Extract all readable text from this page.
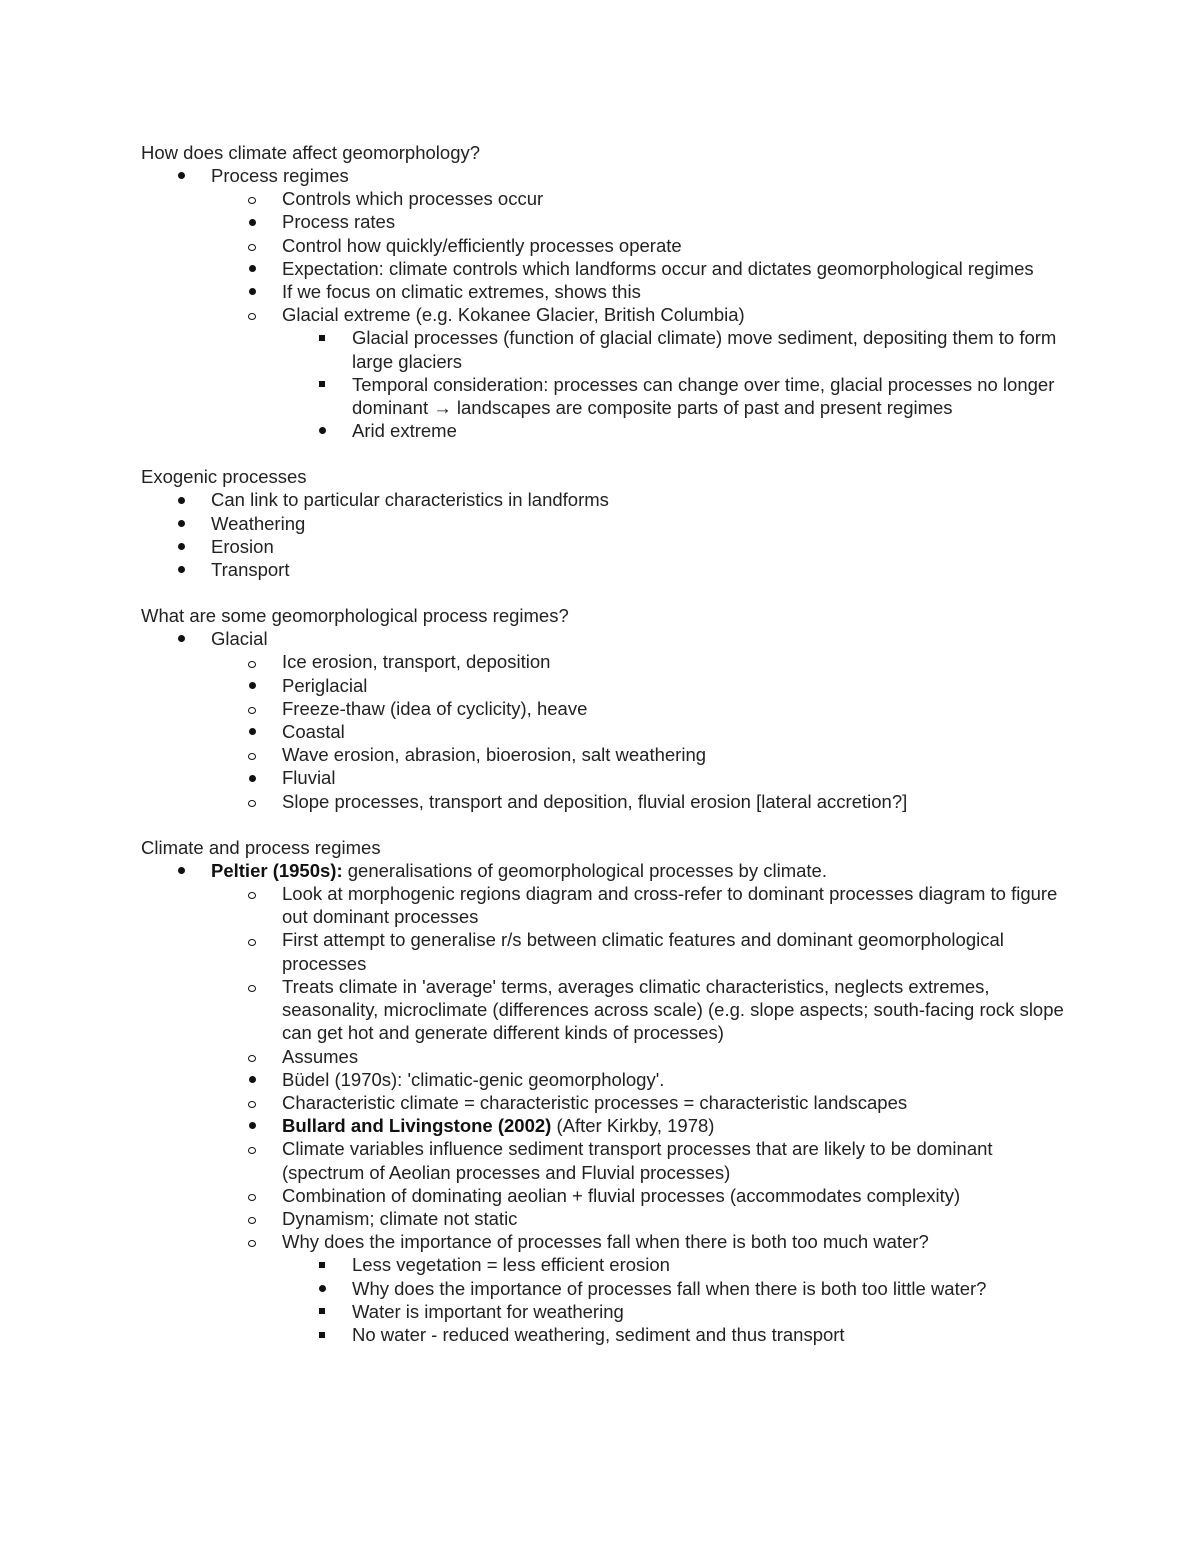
How does climate affect geomorphology?
Process regimes
Controls which processes occur
Process rates
Control how quickly/efficiently processes operate
Expectation: climate controls which landforms occur and dictates geomorphological regimes
If we focus on climatic extremes, shows this
Glacial extreme (e.g. Kokanee Glacier, British Columbia)
Glacial processes (function of glacial climate) move sediment, depositing them to form large glaciers
Temporal consideration: processes can change over time, glacial processes no longer dominant → landscapes are composite parts of past and present regimes
Arid extreme
Exogenic processes
Can link to particular characteristics in landforms
Weathering
Erosion
Transport
What are some geomorphological process regimes?
Glacial
Ice erosion, transport, deposition
Periglacial
Freeze-thaw (idea of cyclicity), heave
Coastal
Wave erosion, abrasion, bioerosion, salt weathering
Fluvial
Slope processes, transport and deposition, fluvial erosion [lateral accretion?]
Climate and process regimes
Peltier (1950s): generalisations of geomorphological processes by climate.
Look at morphogenic regions diagram and cross-refer to dominant processes diagram to figure out dominant processes
First attempt to generalise r/s between climatic features and dominant geomorphological processes
Treats climate in 'average' terms, averages climatic characteristics, neglects extremes, seasonality, microclimate (differences across scale) (e.g. slope aspects; south-facing rock slope can get hot and generate different kinds of processes)
Assumes
Büdel (1970s): 'climatic-genic geomorphology'.
Characteristic climate = characteristic processes = characteristic landscapes
Bullard and Livingstone (2002) (After Kirkby, 1978)
Climate variables influence sediment transport processes that are likely to be dominant (spectrum of Aeolian processes and Fluvial processes)
Combination of dominating aeolian + fluvial processes (accommodates complexity)
Dynamism; climate not static
Why does the importance of processes fall when there is both too much water?
Less vegetation = less efficient erosion
Why does the importance of processes fall when there is both too little water?
Water is important for weathering
No water - reduced weathering, sediment and thus transport
